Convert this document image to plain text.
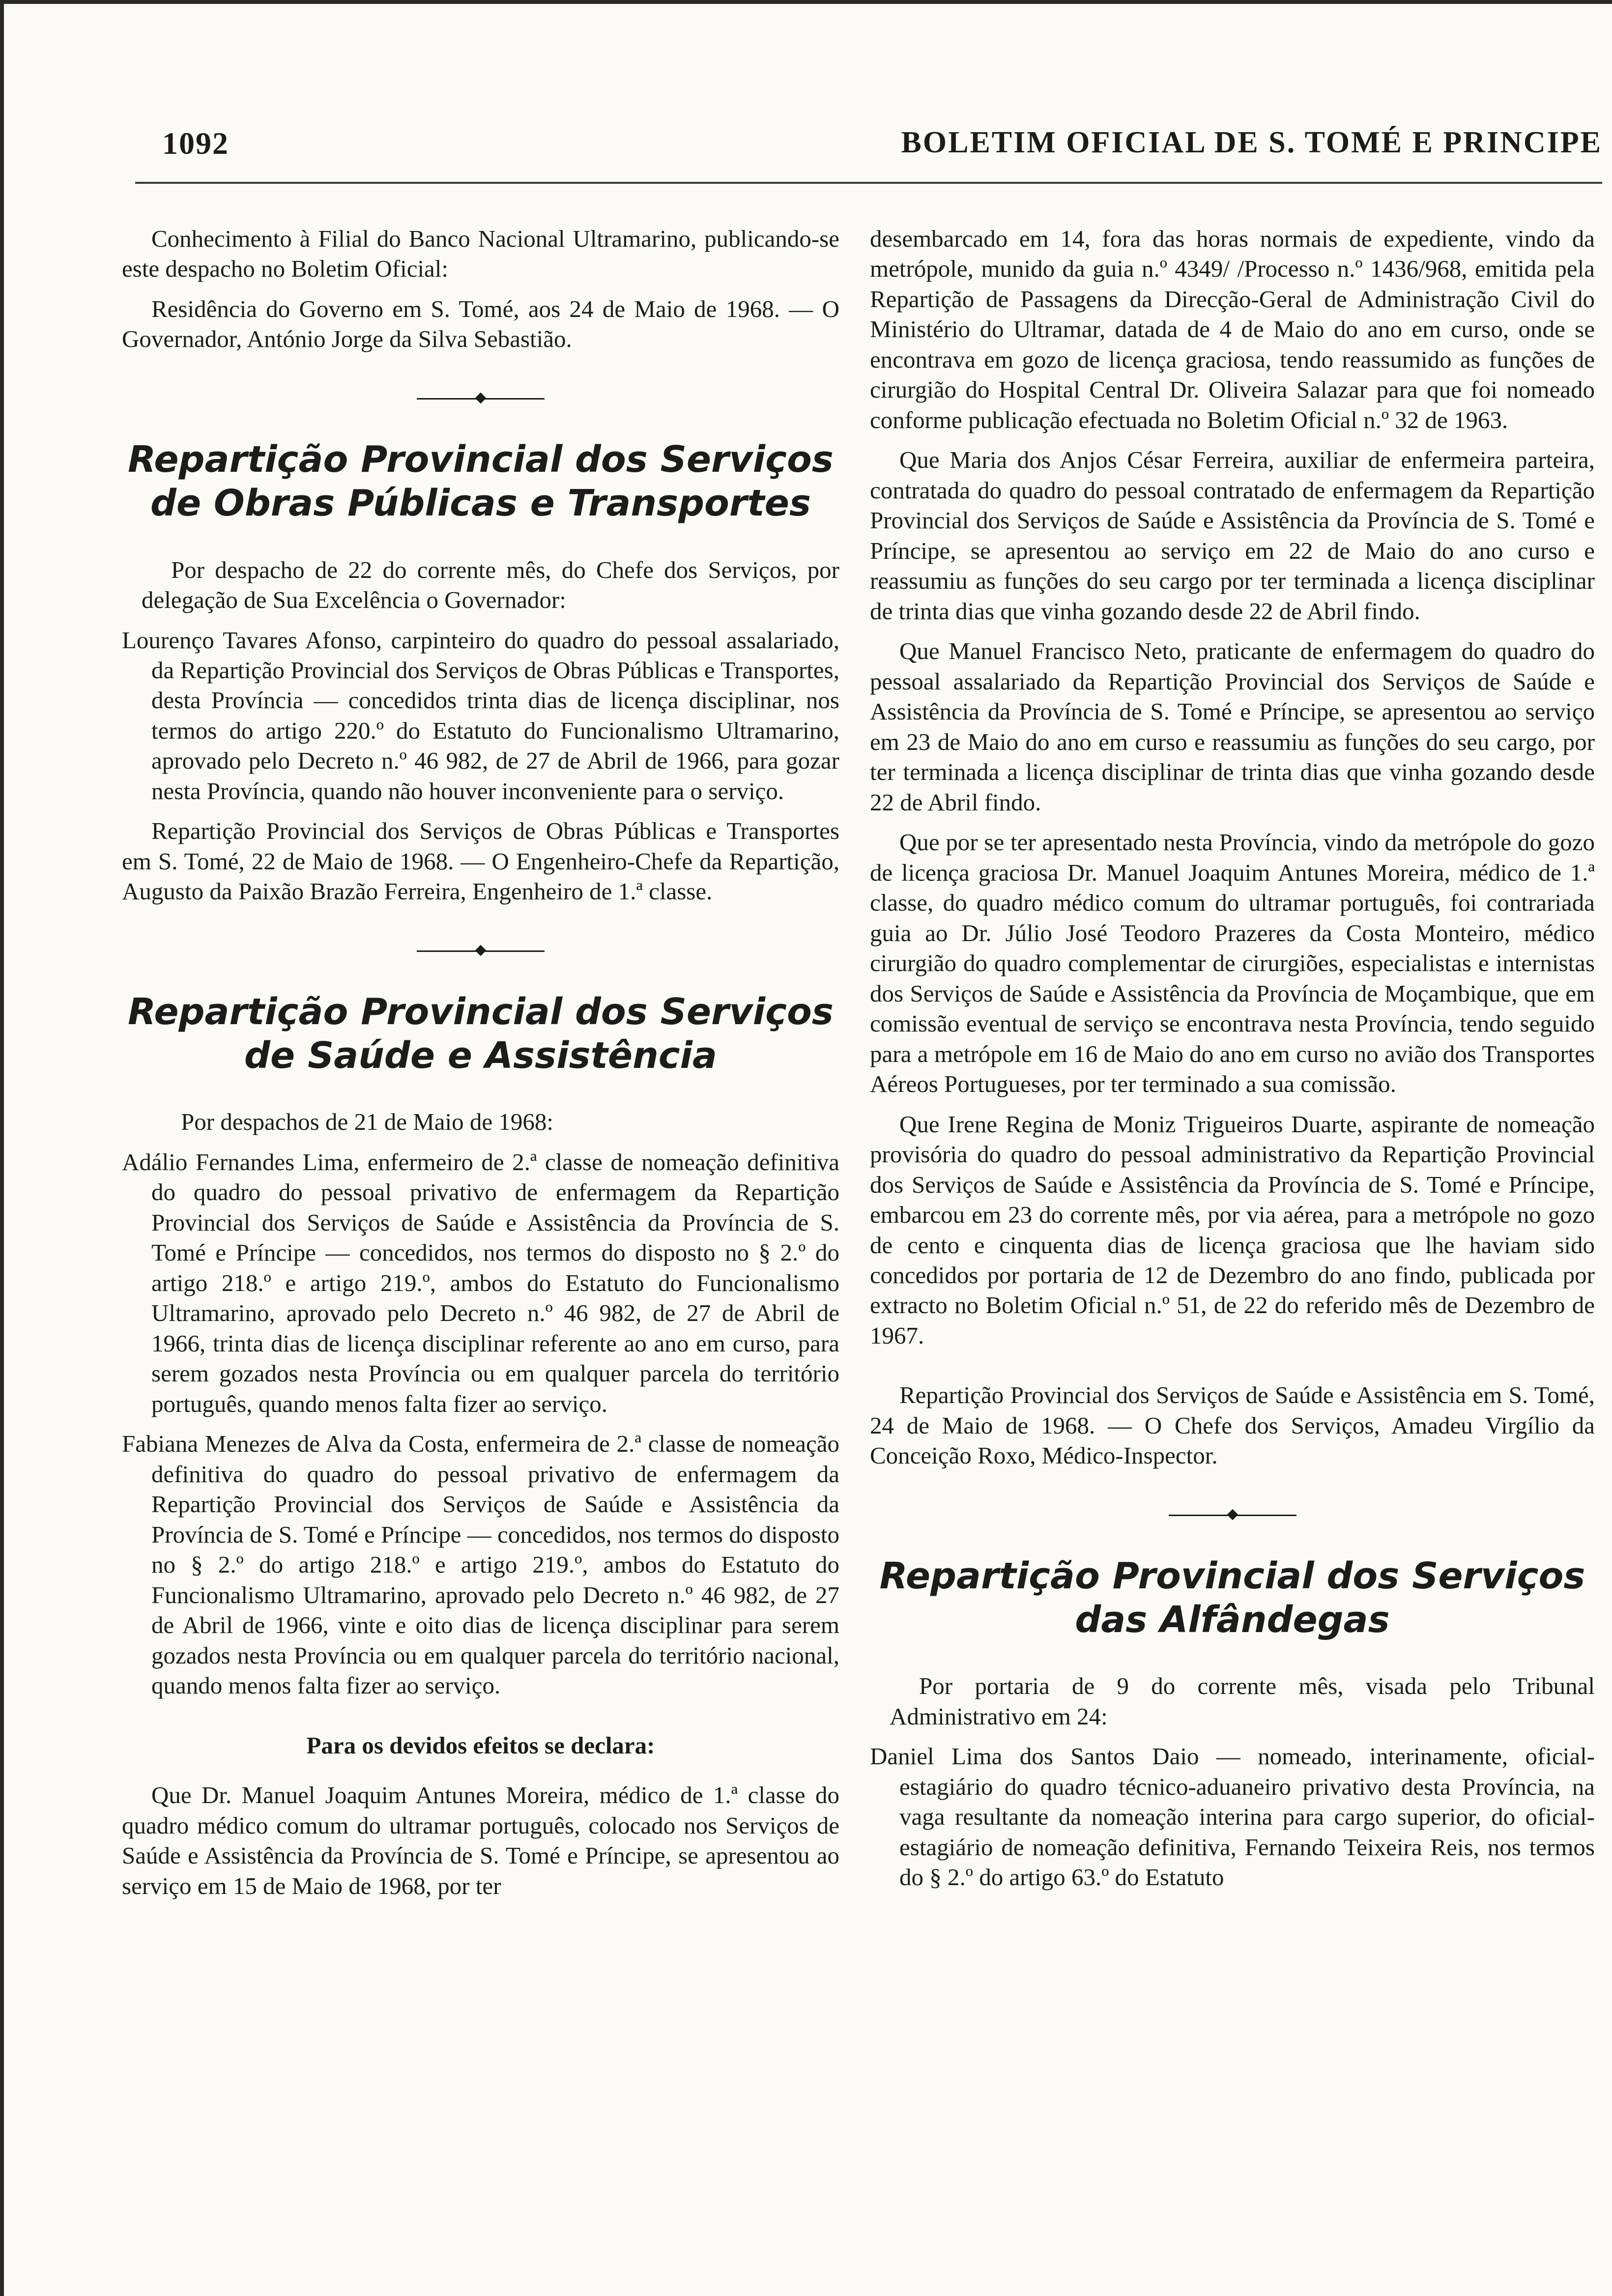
1092	BOLETIM OFICIAL DE S. TOMÉ E PRINCIPE

Conhecimento à Filial do Banco Nacional Ultramarino, publicando-se este despacho no Boletim Oficial:

Residência do Governo em S. Tomé, aos 24 de Maio de 1968. — O Governador, António Jorge da Silva Sebastião.

Repartição Provincial dos Serviços
de Obras Públicas e Transportes

Por despacho de 22 do corrente mês, do Chefe dos Serviços, por delegação de Sua Excelência o Governador:

Lourenço Tavares Afonso, carpinteiro do quadro do pessoal assalariado, da Repartição Provincial dos Serviços de Obras Públicas e Transportes, desta Província — concedidos trinta dias de licença disciplinar, nos termos do artigo 220.º do Estatuto do Funcionalismo Ultramarino, aprovado pelo Decreto n.º 46 982, de 27 de Abril de 1966, para gozar nesta Província, quando não houver inconveniente para o serviço.

Repartição Provincial dos Serviços de Obras Públicas e Transportes em S. Tomé, 22 de Maio de 1968. — O Engenheiro-Chefe da Repartição, Augusto da Paixão Brazão Ferreira, Engenheiro de 1.ª classe.

Repartição Provincial dos Serviços
de Saúde e Assistência

Por despachos de 21 de Maio de 1968:

Adálio Fernandes Lima, enfermeiro de 2.ª classe de nomeação definitiva do quadro do pessoal privativo de enfermagem da Repartição Provincial dos Serviços de Saúde e Assistência da Província de S. Tomé e Príncipe — concedidos, nos termos do disposto no § 2.º do artigo 218.º e artigo 219.º, ambos do Estatuto do Funcionalismo Ultramarino, aprovado pelo Decreto n.º 46 982, de 27 de Abril de 1966, trinta dias de licença disciplinar referente ao ano em curso, para serem gozados nesta Província ou em qualquer parcela do território português, quando menos falta fizer ao serviço.

Fabiana Menezes de Alva da Costa, enfermeira de 2.ª classe de nomeação definitiva do quadro do pessoal privativo de enfermagem da Repartição Provincial dos Serviços de Saúde e Assistência da Província de S. Tomé e Príncipe — concedidos, nos termos do disposto no § 2.º do artigo 218.º e artigo 219.º, ambos do Estatuto do Funcionalismo Ultramarino, aprovado pelo Decreto n.º 46 982, de 27 de Abril de 1966, vinte e oito dias de licença disciplinar para serem gozados nesta Província ou em qualquer parcela do território nacional, quando menos falta fizer ao serviço.

Para os devidos efeitos se declara:

Que Dr. Manuel Joaquim Antunes Moreira, médico de 1.ª classe do quadro médico comum do ultramar português, colocado nos Serviços de Saúde e Assistência da Província de S. Tomé e Príncipe, se apresentou ao serviço em 15 de Maio de 1968, por ter

desembarcado em 14, fora das horas normais de expediente, vindo da metrópole, munido da guia n.º 4349/ /Processo n.º 1436/968, emitida pela Repartição de Passagens da Direcção-Geral de Administração Civil do Ministério do Ultramar, datada de 4 de Maio do ano em curso, onde se encontrava em gozo de licença graciosa, tendo reassumido as funções de cirurgião do Hospital Central Dr. Oliveira Salazar para que foi nomeado conforme publicação efectuada no Boletim Oficial n.º 32 de 1963.

Que Maria dos Anjos César Ferreira, auxiliar de enfermeira parteira, contratada do quadro do pessoal contratado de enfermagem da Repartição Provincial dos Serviços de Saúde e Assistência da Província de S. Tomé e Príncipe, se apresentou ao serviço em 22 de Maio do ano curso e reassumiu as funções do seu cargo por ter terminada a licença disciplinar de trinta dias que vinha gozando desde 22 de Abril findo.

Que Manuel Francisco Neto, praticante de enfermagem do quadro do pessoal assalariado da Repartição Provincial dos Serviços de Saúde e Assistência da Província de S. Tomé e Príncipe, se apresentou ao serviço em 23 de Maio do ano em curso e reassumiu as funções do seu cargo, por ter terminada a licença disciplinar de trinta dias que vinha gozando desde 22 de Abril findo.

Que por se ter apresentado nesta Província, vindo da metrópole do gozo de licença graciosa Dr. Manuel Joaquim Antunes Moreira, médico de 1.ª classe, do quadro médico comum do ultramar português, foi contrariada guia ao Dr. Júlio José Teodoro Prazeres da Costa Monteiro, médico cirurgião do quadro complementar de cirurgiões, especialistas e internistas dos Serviços de Saúde e Assistência da Província de Moçambique, que em comissão eventual de serviço se encontrava nesta Província, tendo seguido para a metrópole em 16 de Maio do ano em curso no avião dos Transportes Aéreos Portugueses, por ter terminado a sua comissão.

Que Irene Regina de Moniz Trigueiros Duarte, aspirante de nomeação provisória do quadro do pessoal administrativo da Repartição Provincial dos Serviços de Saúde e Assistência da Província de S. Tomé e Príncipe, embarcou em 23 do corrente mês, por via aérea, para a metrópole no gozo de cento e cinquenta dias de licença graciosa que lhe haviam sido concedidos por portaria de 12 de Dezembro do ano findo, publicada por extracto no Boletim Oficial n.º 51, de 22 do referido mês de Dezembro de 1967.

Repartição Provincial dos Serviços de Saúde e Assistência em S. Tomé, 24 de Maio de 1968. — O Chefe dos Serviços, Amadeu Virgílio da Conceição Roxo, Médico-Inspector.

Repartição Provincial dos Serviços
das Alfândegas

Por portaria de 9 do corrente mês, visada pelo Tribunal Administrativo em 24:

Daniel Lima dos Santos Daio — nomeado, interinamente, oficial-estagiário do quadro técnico-aduaneiro privativo desta Província, na vaga resultante da nomeação interina para cargo superior, do oficial-estagiário de nomeação definitiva, Fernando Teixeira Reis, nos termos do § 2.º do artigo 63.º do Estatuto
